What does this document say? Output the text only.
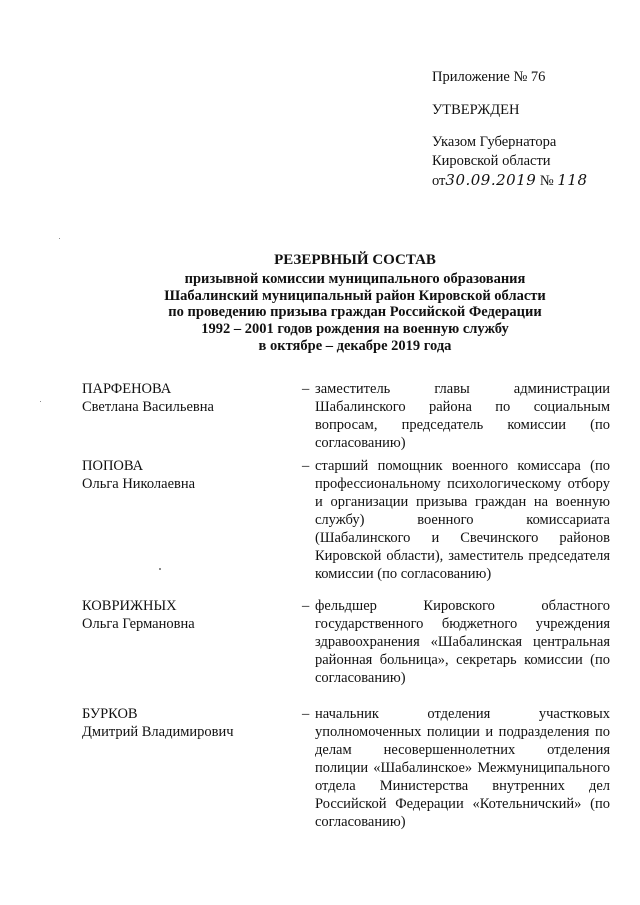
Приложение № 76
УТВЕРЖДЕН
Указом Губернатора
Кировской области
от30.09.2019 № 118
РЕЗЕРВНЫЙ СОСТАВ
призывной комиссии муниципального образования
Шабалинский муниципальный район Кировской области
по проведению призыва граждан Российской Федерации
1992 – 2001 годов рождения на военную службу
в октябре – декабре 2019 года
ПАРФЕНОВА
Светлана Васильевна
– заместитель главы администрации Шабалинского района по социальным вопросам, председатель комиссии (по согласованию)
ПОПОВА
Ольга Николаевна
– старший помощник военного комиссара (по профессиональному психологическому отбору и организации призыва граждан на военную службу) военного комиссариата (Шабалинского и Свечинского районов Кировской области), заместитель председателя комиссии (по согласованию)
КОВРИЖНЫХ
Ольга Германовна
– фельдшер Кировского областного государственного бюджетного учреждения здравоохранения «Шабалинская центральная районная больница», секретарь комиссии (по согласованию)
БУРКОВ
Дмитрий Владимирович
– начальник отделения участковых уполномоченных полиции и подразделения по делам несовершеннолетних отделения полиции «Шабалинское» Межмуниципального отдела Министерства внутренних дел Российской Федерации «Котельничский» (по согласованию)
